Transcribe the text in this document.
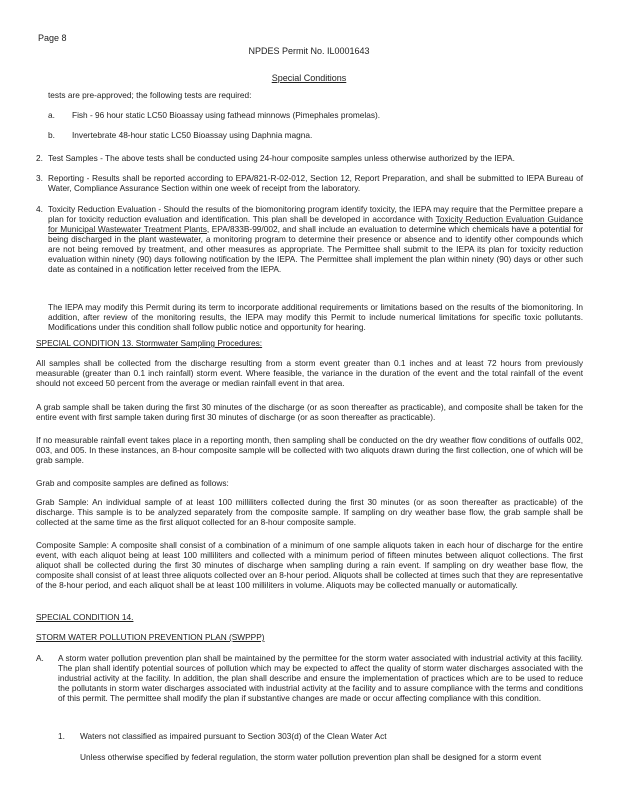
Page 8

NPDES Permit No. IL0001643

Special Conditions

tests are pre-approved; the following tests are required:

a. Fish - 96 hour static LC50 Bioassay using fathead minnows (Pimephales promelas).

b. Invertebrate 48-hour static LC50 Bioassay using Daphnia magna.

2. Test Samples - The above tests shall be conducted using 24-hour composite samples unless otherwise authorized by the IEPA.

3. Reporting - Results shall be reported according to EPA/821-R-02-012, Section 12, Report Preparation, and shall be submitted to IEPA Bureau of Water, Compliance Assurance Section within one week of receipt from the laboratory.

4. Toxicity Reduction Evaluation - Should the results of the biomonitoring program identify toxicity, the IEPA may require that the Permittee prepare a plan for toxicity reduction evaluation and identification. This plan shall be developed in accordance with Toxicity Reduction Evaluation Guidance for Municipal Wastewater Treatment Plants, EPA/833B-99/002, and shall include an evaluation to determine which chemicals have a potential for being discharged in the plant wastewater, a monitoring program to determine their presence or absence and to identify other compounds which are not being removed by treatment, and other measures as appropriate. The Permittee shall submit to the IEPA its plan for toxicity reduction evaluation within ninety (90) days following notification by the IEPA. The Permittee shall implement the plan within ninety (90) days or other such date as contained in a notification letter received from the IEPA.

The IEPA may modify this Permit during its term to incorporate additional requirements or limitations based on the results of the biomonitoring. In addition, after review of the monitoring results, the IEPA may modify this Permit to include numerical limitations for specific toxic pollutants. Modifications under this condition shall follow public notice and opportunity for hearing.

SPECIAL CONDITION 13. Stormwater Sampling Procedures:

All samples shall be collected from the discharge resulting from a storm event greater than 0.1 inches and at least 72 hours from previously measurable (greater than 0.1 inch rainfall) storm event. Where feasible, the variance in the duration of the event and the total rainfall of the event should not exceed 50 percent from the average or median rainfall event in that area.

A grab sample shall be taken during the first 30 minutes of the discharge (or as soon thereafter as practicable), and composite shall be taken for the entire event with first sample taken during first 30 minutes of discharge (or as soon thereafter as practicable).

If no measurable rainfall event takes place in a reporting month, then sampling shall be conducted on the dry weather flow conditions of outfalls 002, 003, and 005. In these instances, an 8-hour composite sample will be collected with two aliquots drawn during the first collection, one of which will be grab sample.

Grab and composite samples are defined as follows:

Grab Sample: An individual sample of at least 100 milliliters collected during the first 30 minutes (or as soon thereafter as practicable) of the discharge. This sample is to be analyzed separately from the composite sample. If sampling on dry weather base flow, the grab sample shall be collected at the same time as the first aliquot collected for an 8-hour composite sample.

Composite Sample: A composite shall consist of a combination of a minimum of one sample aliquots taken in each hour of discharge for the entire event, with each aliquot being at least 100 milliliters and collected with a minimum period of fifteen minutes between aliquot collections. The first aliquot shall be collected during the first 30 minutes of discharge when sampling during a rain event. If sampling on dry weather base flow, the composite shall consist of at least three aliquots collected over an 8-hour period. Aliquots shall be collected at times such that they are representative of the 8-hour period, and each aliquot shall be at least 100 milliliters in volume. Aliquots may be collected manually or automatically.

SPECIAL CONDITION 14.

STORM WATER POLLUTION PREVENTION PLAN (SWPPP)

A. A storm water pollution prevention plan shall be maintained by the permittee for the storm water associated with industrial activity at this facility. The plan shall identify potential sources of pollution which may be expected to affect the quality of storm water discharges associated with the industrial activity at the facility. In addition, the plan shall describe and ensure the implementation of practices which are to be used to reduce the pollutants in storm water discharges associated with industrial activity at the facility and to assure compliance with the terms and conditions of this permit. The permittee shall modify the plan if substantive changes are made or occur affecting compliance with this condition.

1. Waters not classified as impaired pursuant to Section 303(d) of the Clean Water Act

Unless otherwise specified by federal regulation, the storm water pollution prevention plan shall be designed for a storm event
